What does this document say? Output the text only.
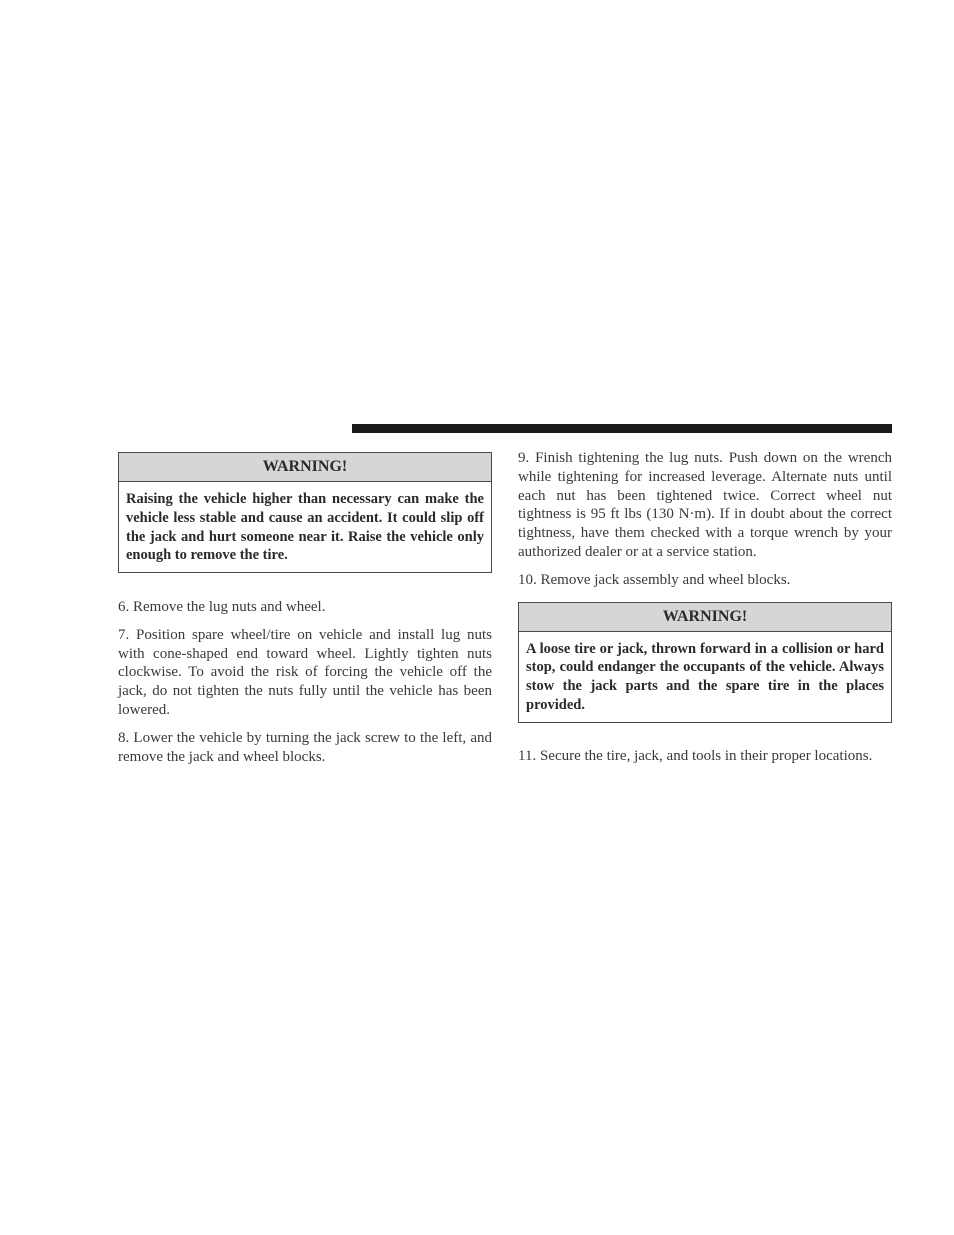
WARNING!
Raising the vehicle higher than necessary can make the vehicle less stable and cause an accident. It could slip off the jack and hurt someone near it. Raise the vehicle only enough to remove the tire.

6. Remove the lug nuts and wheel.

7. Position spare wheel/tire on vehicle and install lug nuts with cone-shaped end toward wheel. Lightly tighten nuts clockwise. To avoid the risk of forcing the vehicle off the jack, do not tighten the nuts fully until the vehicle has been lowered.

8. Lower the vehicle by turning the jack screw to the left, and remove the jack and wheel blocks.

9. Finish tightening the lug nuts. Push down on the wrench while tightening for increased leverage. Alternate nuts until each nut has been tightened twice. Correct wheel nut tightness is 95 ft lbs (130 N·m). If in doubt about the correct tightness, have them checked with a torque wrench by your authorized dealer or at a service station.

10. Remove jack assembly and wheel blocks.

WARNING!
A loose tire or jack, thrown forward in a collision or hard stop, could endanger the occupants of the vehicle. Always stow the jack parts and the spare tire in the places provided.

11. Secure the tire, jack, and tools in their proper locations.
